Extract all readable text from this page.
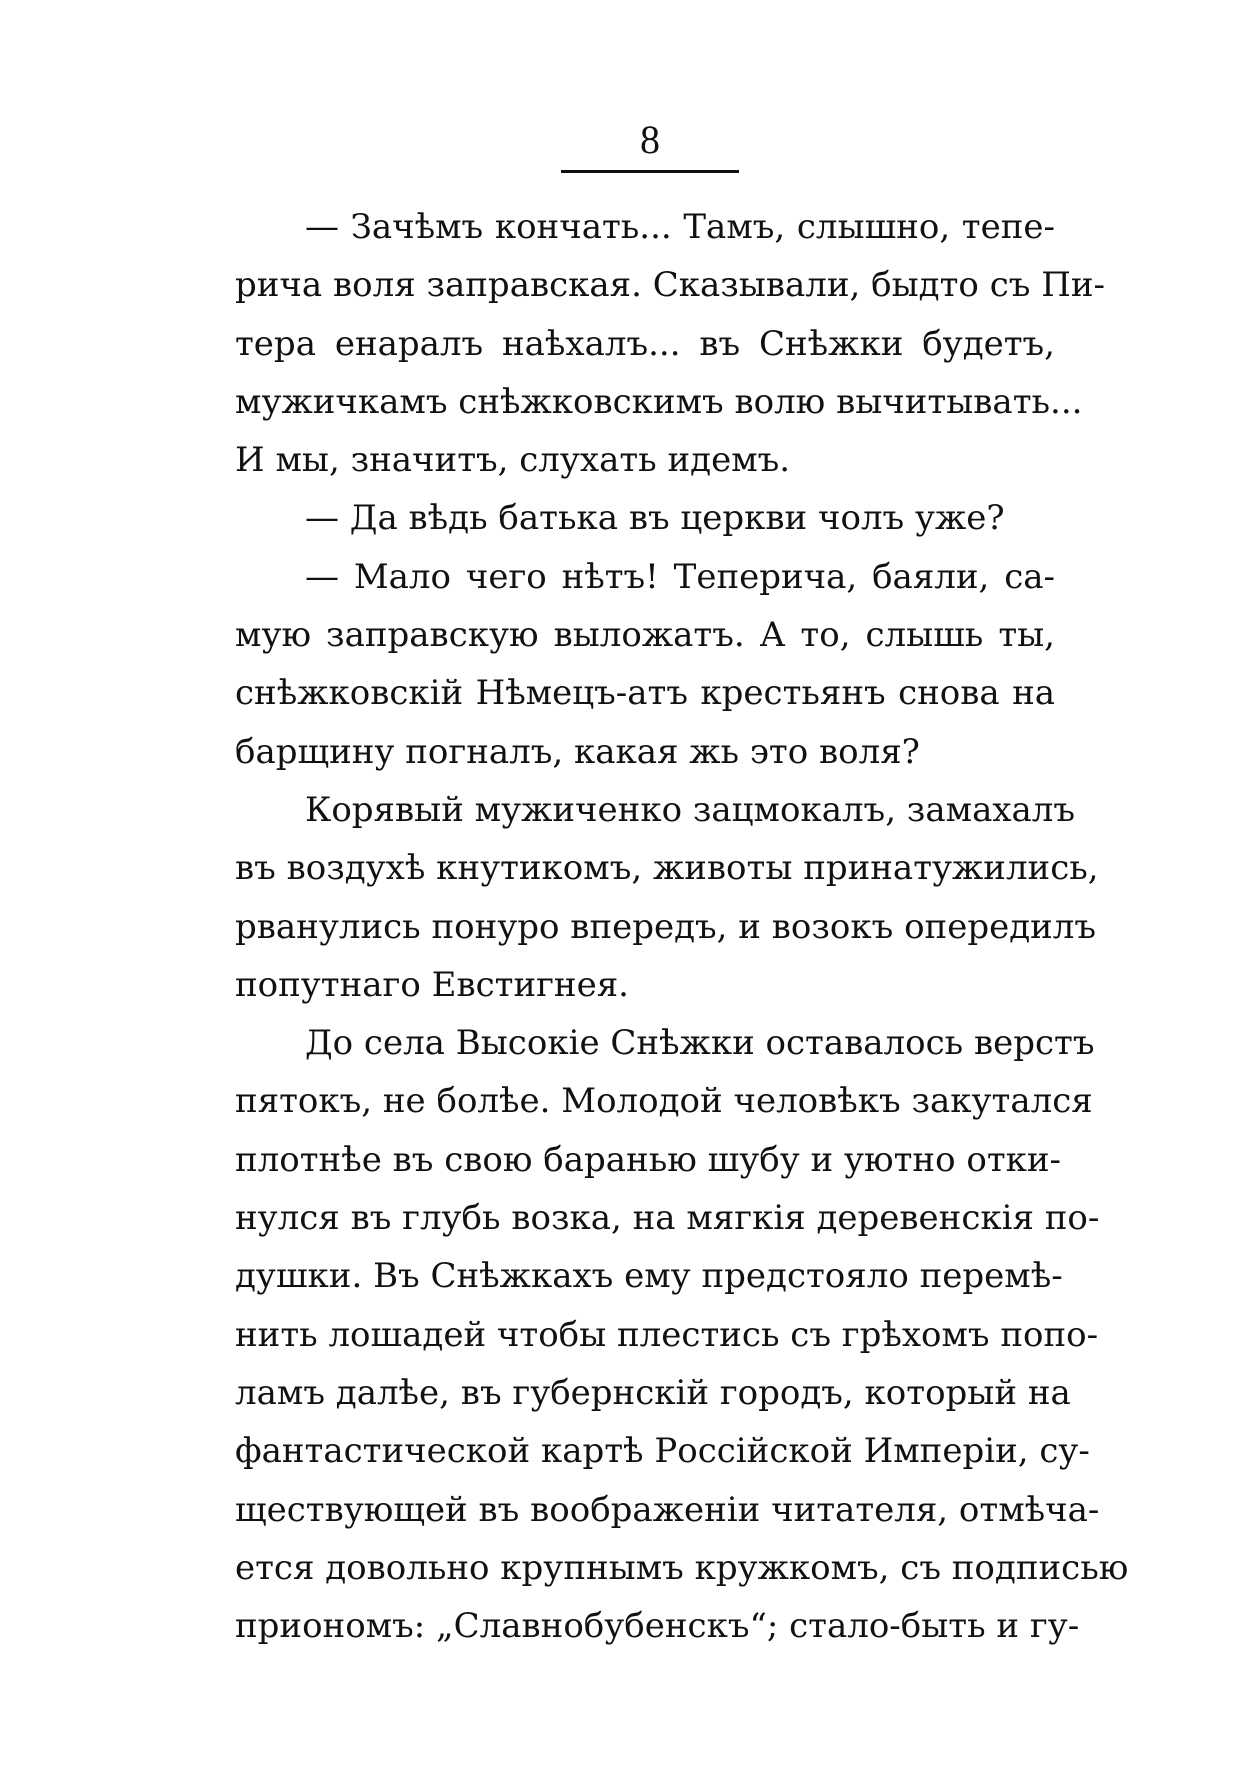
8
— Зачѣмъ кончать... Тамъ, слышно, тепе-
рича воля заправская. Сказывали, быдто съ Пи-
тера енаралъ наѣхалъ... въ Снѣжки будетъ,
мужичкамъ снѣжковскимъ волю вычитывать...
И мы, значитъ, слухать идемъ.
— Да вѣдь батька въ церкви чолъ уже?
— Мало чего нѣтъ! Теперича, баяли, са-
мую заправскую выложатъ. А то, слышь ты,
снѣжковскій Нѣмецъ-атъ крестьянъ снова на
барщину погналъ, какая жь это воля?
Корявый мужиченко зацмокалъ, замахалъ
въ воздухѣ кнутикомъ, животы принатужились,
рванулись понуро впередъ, и возокъ опередилъ
попутнаго Евстигнея.
До села Высокіе Снѣжки оставалось верстъ
пятокъ, не болѣе. Молодой человѣкъ закутался
плотнѣе въ свою баранью шубу и уютно отки-
нулся въ глубь возка, на мягкія деревенскія по-
душки. Въ Снѣжкахъ ему предстояло перемѣ-
нить лошадей чтобы плестись съ грѣхомъ попо-
ламъ далѣе, въ губернскій городъ, который на
фантастической картѣ Россійской Имперіи, су-
ществующей въ воображеніи читателя, отмѣча-
ется довольно крупнымъ кружкомъ, съ подписью
приономъ: „Славнобубенскъ“; стало-быть и гу-
